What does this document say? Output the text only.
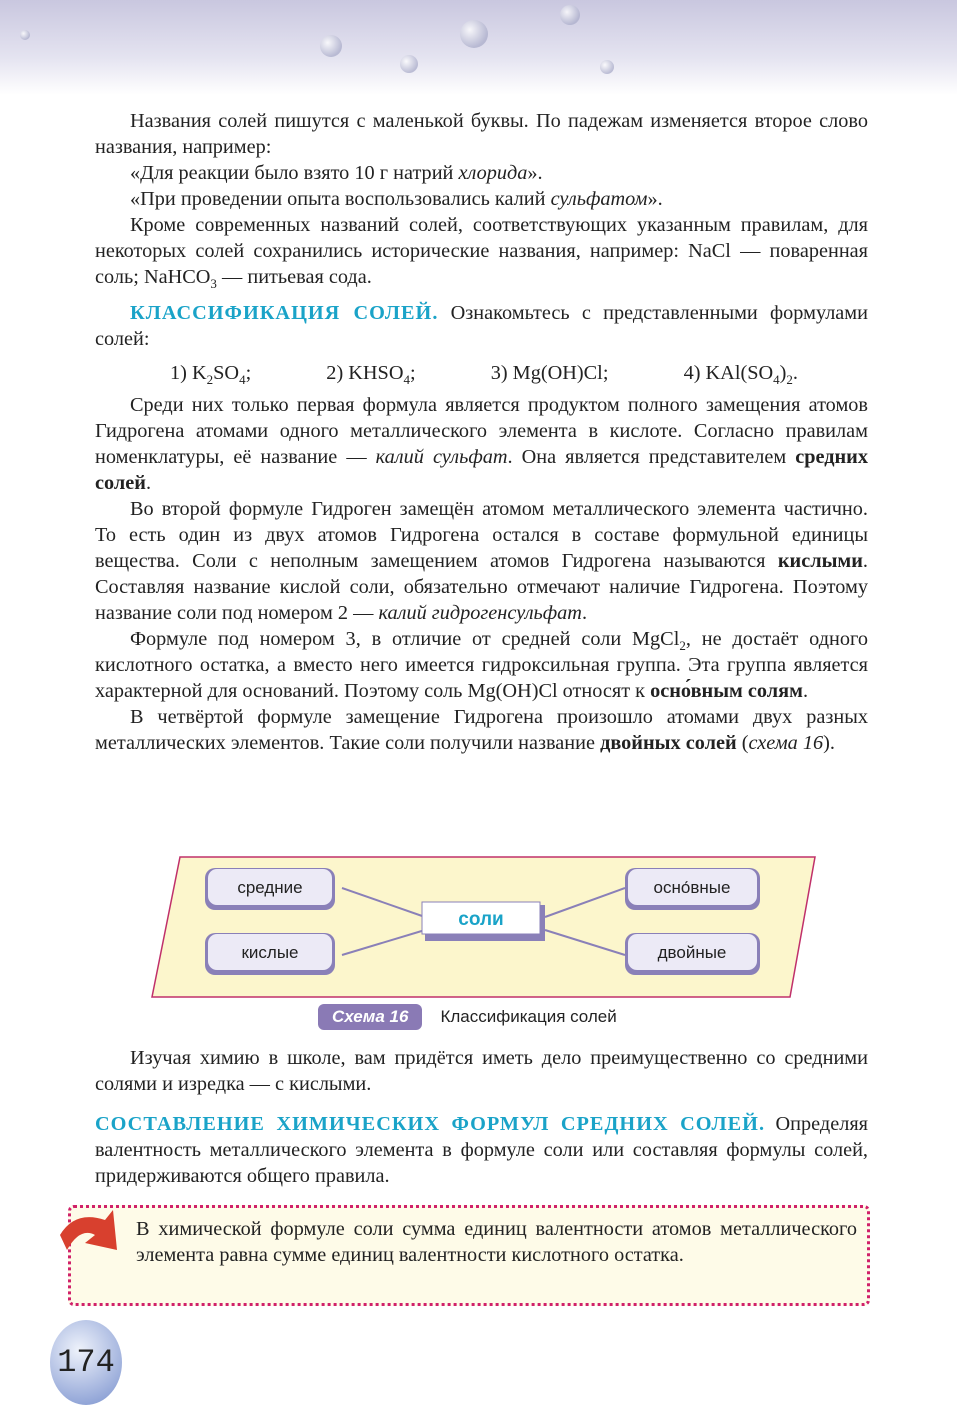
Названия солей пишутся с маленькой буквы. По падежам изменяется второе слово названия, например:

«Для реакции было взято 10 г натрий хлорида».

«При проведении опыта воспользовались калий сульфатом».

Кроме современных названий солей, соответствующих указанным правилам, для некоторых солей сохранились исторические названия, например: NaCl — поваренная соль; NaHCO$_3$ — питьевая сода.

КЛАССИФИКАЦИЯ СОЛЕЙ. Ознакомьтесь с представленными формулами солей:

1) $K_2SO_4$;	2) $KHSO_4$;	3) Mg(OH)Cl;	4) $KAl(SO_4)_2$.

Среди них только первая формула является продуктом полного замещения атомов Гидрогена атомами одного металлического элемента в кислоте. Согласно правилам номенклатуры, её название — калий сульфат. Она является представителем средних солей.

Во второй формуле Гидроген замещён атомом металлического элемента частично. То есть один из двух атомов Гидрогена остался в составе формульной единицы вещества. Соли с неполным замещением атомов Гидрогена называются кислыми. Составляя название кислой соли, обязательно отмечают наличие Гидрогена. Поэтому название соли под номером 2 — калий гидрогенсульфат.

Формуле под номером 3, в отличие от средней соли MgCl$_2$, не достаёт одного кислотного остатка, а вместо него имеется гидроксильная группа. Эта группа является характерной для оснований. Поэтому соль Mg(OH)Cl относят к осно́вным солям.

В четвёртой формуле замещение Гидрогена произошло атомами двух разных металлических элементов. Такие соли получили название двойных солей (схема 16).

средние
кислые
осно́вные
двойные
соли
Схема 16	Классификация солей

Изучая химию в школе, вам придётся иметь дело преимущественно со средними солями и изредка — с кислыми.

СОСТАВЛЕНИЕ ХИМИЧЕСКИХ ФОРМУЛ СРЕДНИХ СОЛЕЙ. Определяя валентность металлического элемента в формуле соли или составляя формулы солей, придерживаются общего правила.

В химической формуле соли сумма единиц валентности атомов металлического элемента равна сумме единиц валентности кислотного остатка.

174
